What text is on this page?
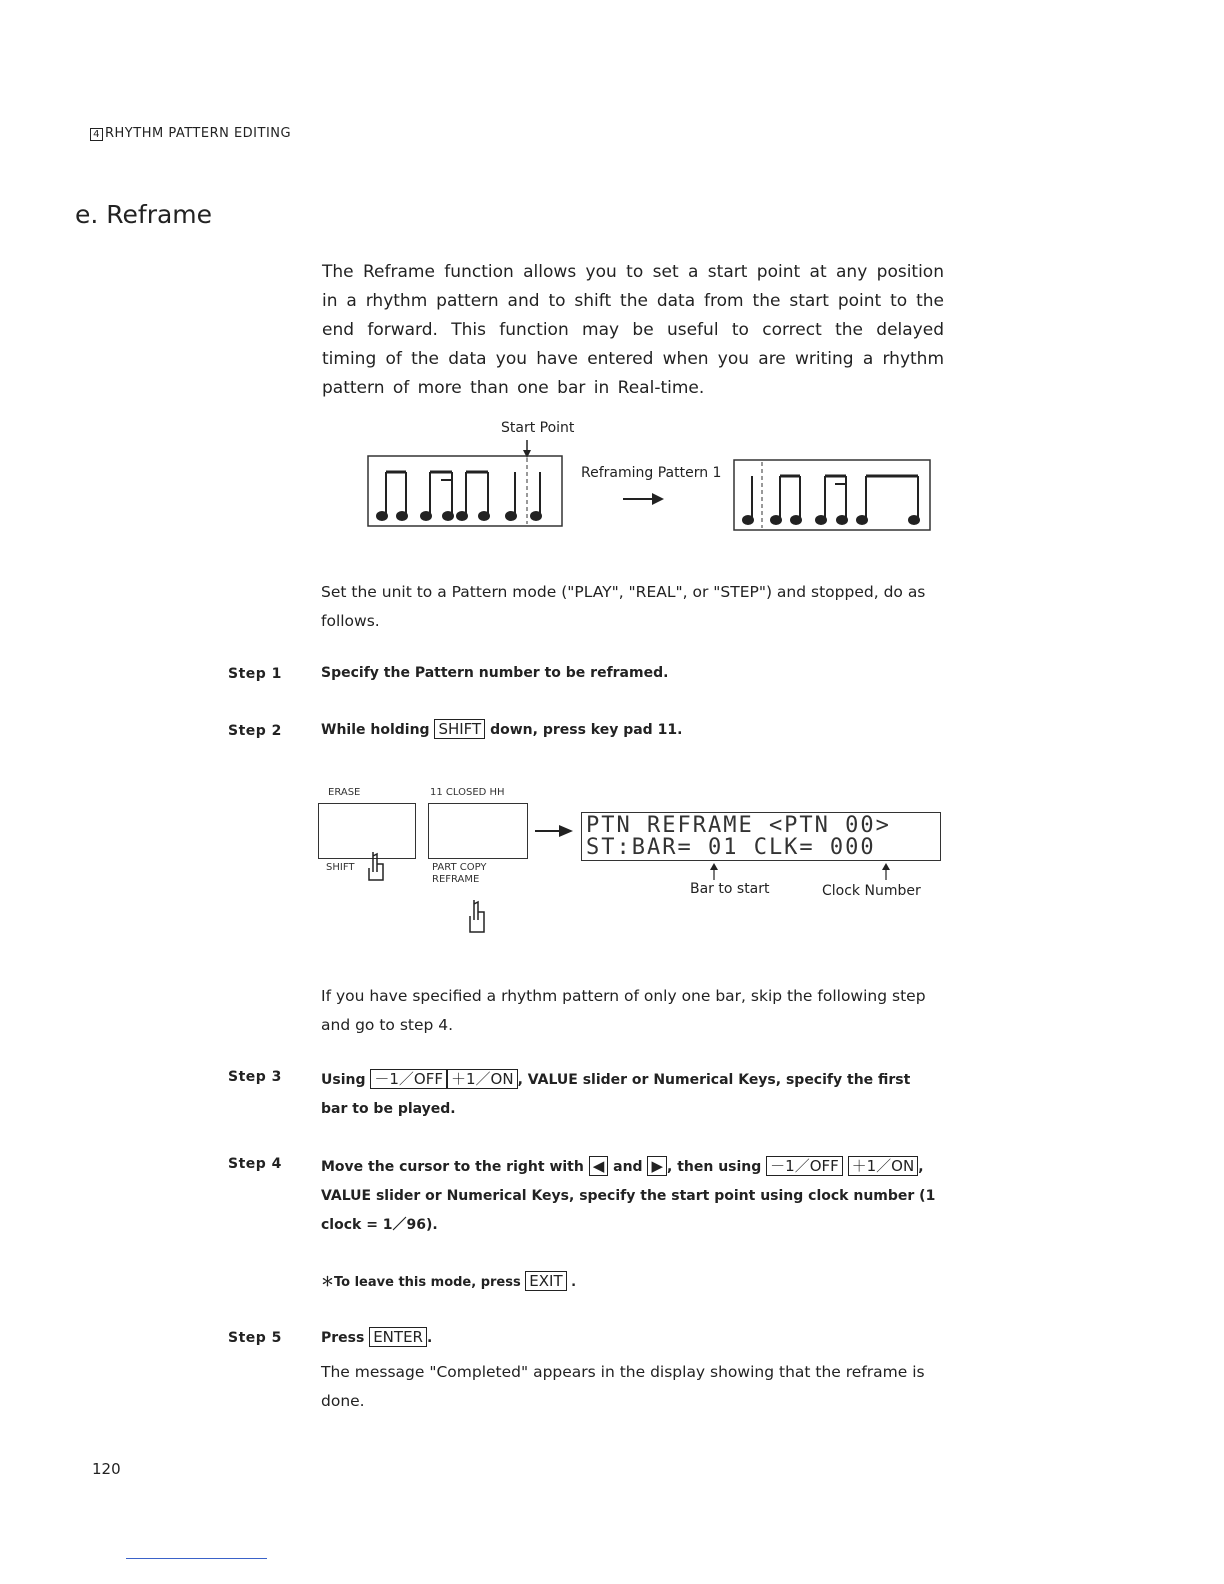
4 RHYTHM PATTERN EDITING
e. Reframe
The Reframe function allows you to set a start point at any position in a rhythm pattern and to shift the data from the start point to the end forward. This function may be useful to correct the delayed timing of the data you have entered when you are writing a rhythm pattern of more than one bar in Real-time.
Start Point
Reframing Pattern 1
Set the unit to a Pattern mode ("PLAY", "REAL", or "STEP") and stopped, do as follows.
Step 1	Specify the Pattern number to be reframed.
Step 2	While holding SHIFT down, press key pad 11.
ERASE	11 CLOSED HH
SHIFT	PART COPY
REFRAME
PTN REFRAME <PTN 00>
ST:BAR= 01 CLK= 000
Bar to start	Clock Number
If you have specified a rhythm pattern of only one bar, skip the following step and go to step 4.
Step 3	Using －1／OFF ＋1／ON , VALUE slider or Numerical Keys, specify the first bar to be played.
Step 4	Move the cursor to the right with ◀ and ▶ , then using －1／OFF ＋1／ON , VALUE slider or Numerical Keys, specify the start point using clock number (1 clock = 1／96).
＊To leave this mode, press EXIT .
Step 5	Press ENTER .
The message "Completed" appears in the display showing that the reframe is done.
120
